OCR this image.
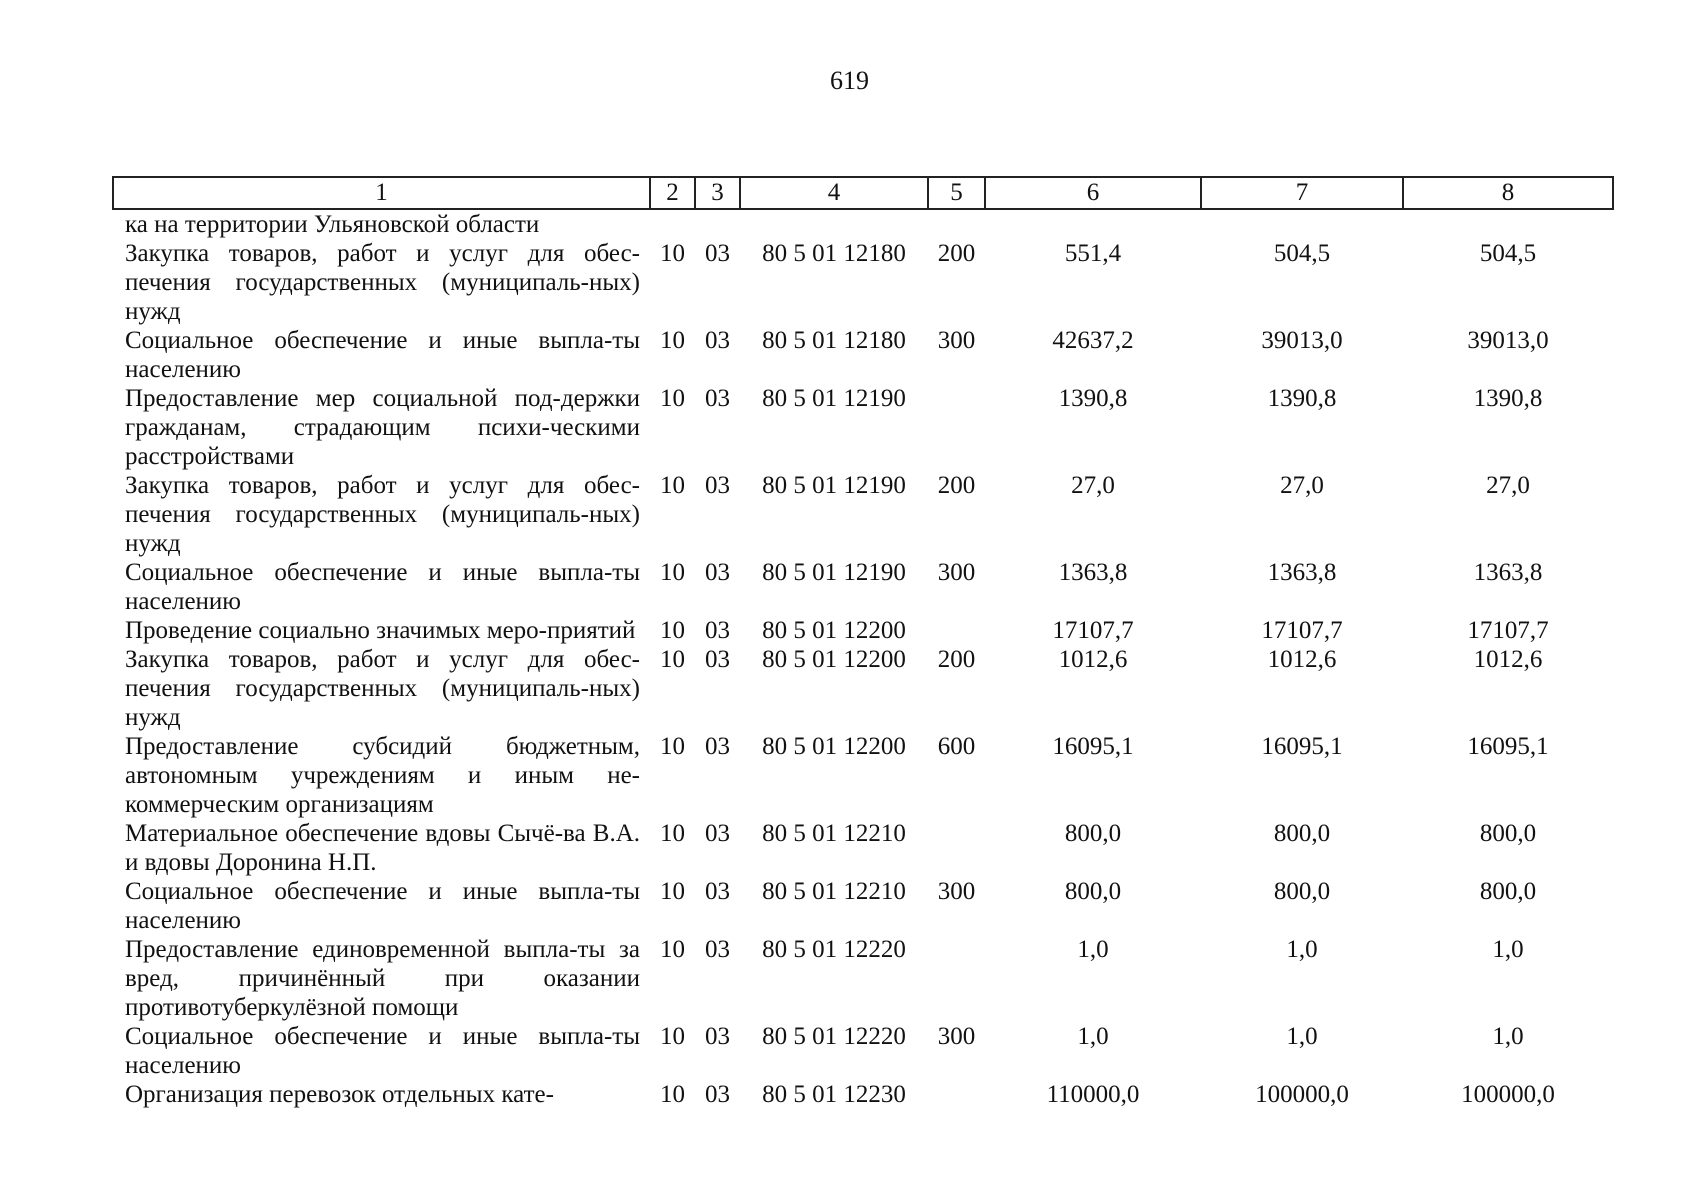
619
1	2	3	4	5	6	7	8
ка на территории Ульяновской области							
Закупка товаров, работ и услуг для обес-печения государственных (муниципаль-ных) нужд	10	03	80 5 01 12180	200	551,4	504,5	504,5
Социальное обеспечение и иные выпла-ты населению	10	03	80 5 01 12180	300	42637,2	39013,0	39013,0
Предоставление мер социальной под-держки гражданам, страдающим психи-ческими расстройствами	10	03	80 5 01 12190		1390,8	1390,8	1390,8
Закупка товаров, работ и услуг для обес-печения государственных (муниципаль-ных) нужд	10	03	80 5 01 12190	200	27,0	27,0	27,0
Социальное обеспечение и иные выпла-ты населению	10	03	80 5 01 12190	300	1363,8	1363,8	1363,8
Проведение социально значимых меро-приятий	10	03	80 5 01 12200		17107,7	17107,7	17107,7
Закупка товаров, работ и услуг для обес-печения государственных (муниципаль-ных) нужд	10	03	80 5 01 12200	200	1012,6	1012,6	1012,6
Предоставление субсидий бюджетным, автономным учреждениям и иным не-коммерческим организациям	10	03	80 5 01 12200	600	16095,1	16095,1	16095,1
Материальное обеспечение вдовы Сычё-ва В.А. и вдовы Доронина Н.П.	10	03	80 5 01 12210		800,0	800,0	800,0
Социальное обеспечение и иные выпла-ты населению	10	03	80 5 01 12210	300	800,0	800,0	800,0
Предоставление единовременной выпла-ты за вред, причинённый при оказании противотуберкулёзной помощи	10	03	80 5 01 12220		1,0	1,0	1,0
Социальное обеспечение и иные выпла-ты населению	10	03	80 5 01 12220	300	1,0	1,0	1,0
Организация перевозок отдельных кате-	10	03	80 5 01 12230		110000,0	100000,0	100000,0
